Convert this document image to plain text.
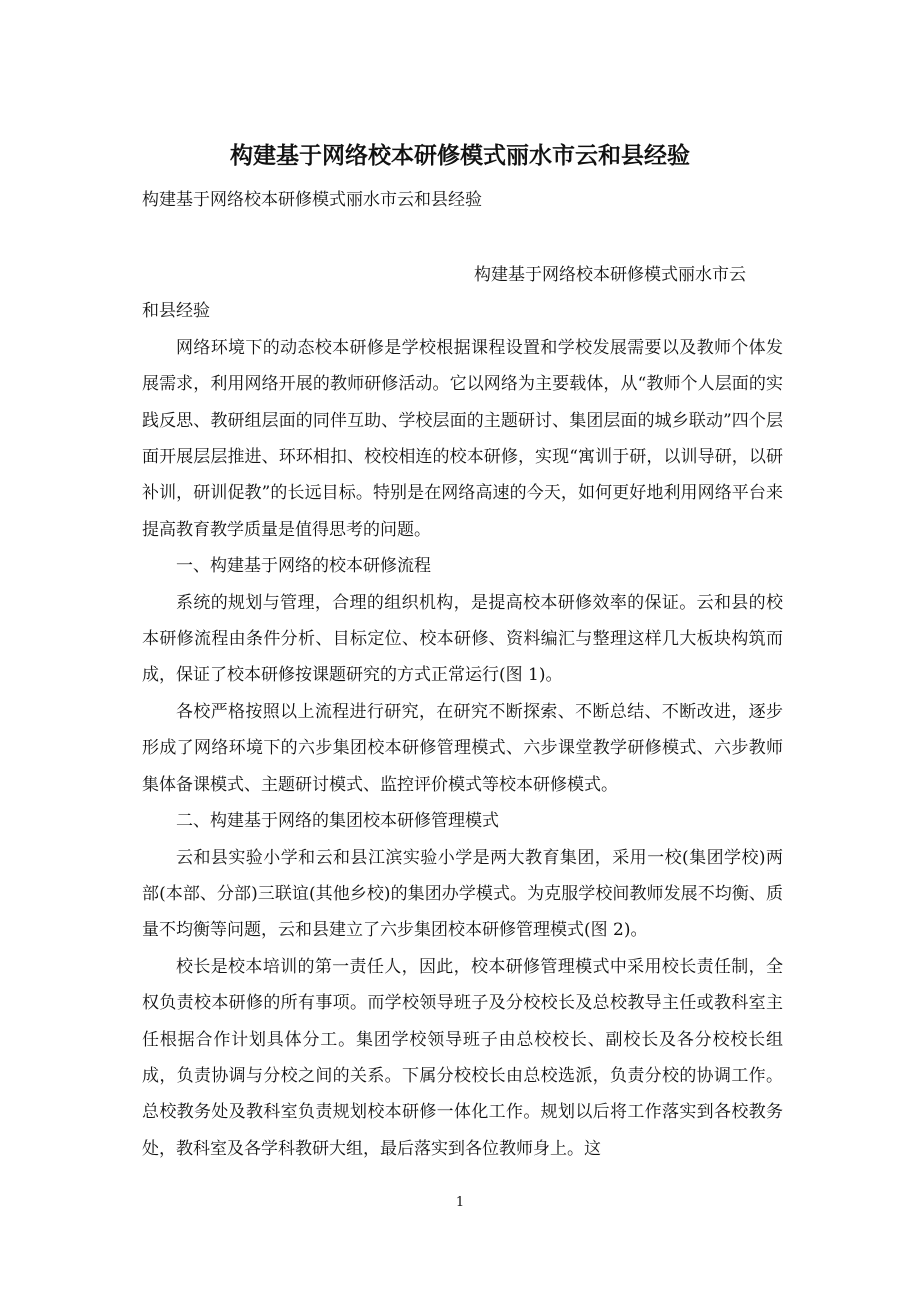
构建基于网络校本研修模式丽水市云和县经验

构建基于网络校本研修模式丽水市云和县经验

构建基于网络校本研修模式丽水市云

和县经验

网络环境下的动态校本研修是学校根据课程设置和学校发展需要以及教师个体发展需求，利用网络开展的教师研修活动。它以网络为主要载体，从“教师个人层面的实践反思、教研组层面的同伴互助、学校层面的主题研讨、集团层面的城乡联动”四个层面开展层层推进、环环相扣、校校相连的校本研修，实现“寓训于研，以训导研，以研补训，研训促教”的长远目标。特别是在网络高速的今天，如何更好地利用网络平台来提高教育教学质量是值得思考的问题。

一、构建基于网络的校本研修流程

系统的规划与管理，合理的组织机构，是提高校本研修效率的保证。云和县的校本研修流程由条件分析、目标定位、校本研修、资料编汇与整理这样几大板块构筑而成，保证了校本研修按课题研究的方式正常运行(图 1)。

各校严格按照以上流程进行研究，在研究不断探索、不断总结、不断改进，逐步形成了网络环境下的六步集团校本研修管理模式、六步课堂教学研修模式、六步教师集体备课模式、主题研讨模式、监控评价模式等校本研修模式。

二、构建基于网络的集团校本研修管理模式

云和县实验小学和云和县江滨实验小学是两大教育集团，采用一校(集团学校)两部(本部、分部)三联谊(其他乡校)的集团办学模式。为克服学校间教师发展不均衡、质量不均衡等问题，云和县建立了六步集团校本研修管理模式(图 2)。

校长是校本培训的第一责任人，因此，校本研修管理模式中采用校长责任制，全权负责校本研修的所有事项。而学校领导班子及分校校长及总校教导主任或教科室主任根据合作计划具体分工。集团学校领导班子由总校校长、副校长及各分校校长组成，负责协调与分校之间的关系。下属分校校长由总校选派，负责分校的协调工作。总校教务处及教科室负责规划校本研修一体化工作。规划以后将工作落实到各校教务处，教科室及各学科教研大组，最后落实到各位教师身上。这

1
